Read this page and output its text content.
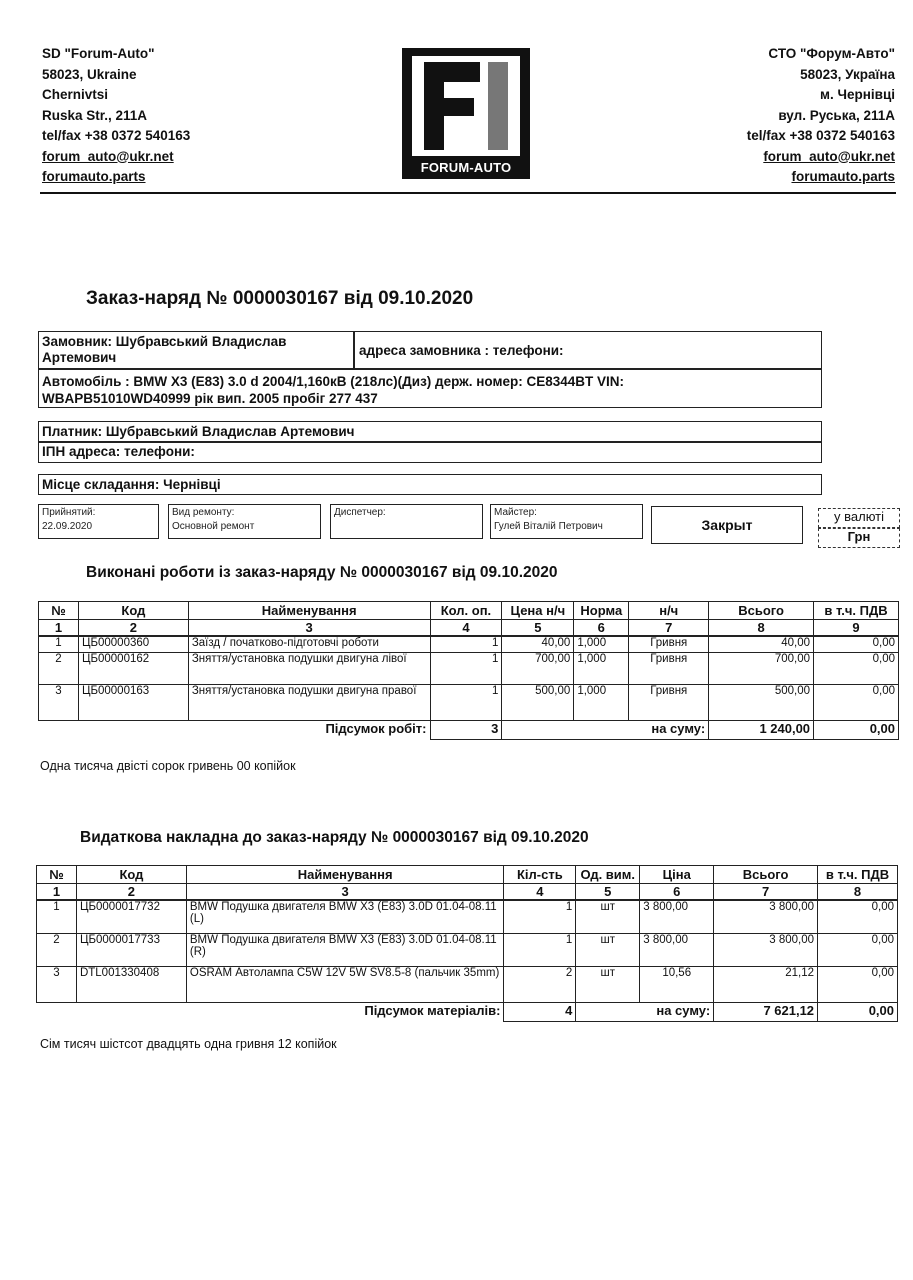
SD "Forum-Auto"
58023, Ukraine
Chernivtsi
Ruska Str., 211A
tel/fax +38 0372 540163
forum_auto@ukr.net
forumauto.parts
FORUM-AUTO
СТО "Форум-Авто"
58023, Україна
м. Чернівці
вул. Руська, 211А
tel/fax +38 0372 540163
forum_auto@ukr.net
forumauto.parts
Заказ-наряд № 0000030167 від 09.10.2020
Замовник: Шубравський Владислав Артемович	адреса замовника : телефони:
Автомобіль : BMW X3 (E83) 3.0 d 2004/1,160кВ (218лс)(Диз) держ. номер: CE8344BT VIN: WBAPB51010WD40999 рік вип. 2005 пробіг 277 437
Платник: Шубравський Владислав Артемович
ІПН адреса: телефони:
Місце складання: Чернівці
Прийнятий:
22.09.2020
Вид ремонту:
Основной ремонт
Диспетчер:	Майстер:
Гулей Віталій Петрович	Закрыт
у валюті
Грн
Виконані роботи із заказ-наряду № 0000030167 від 09.10.2020
№	Код	Найменування	Кол. оп.	Цена н/ч	Норма	н/ч	Всього	в т.ч. ПДВ
1	2	3	4	5	6	7	8	9
1	ЦБ00000360	Заїзд / початково-підготовчі роботи	1	40,00	1,000	Гривня	40,00	0,00
2	ЦБ00000162	Зняття/установка подушки двигуна лівої	1	700,00	1,000	Гривня	700,00	0,00
3	ЦБ00000163	Зняття/установка подушки двигуна правої	1	500,00	1,000	Гривня	500,00	0,00
Підсумок робіт:			3	на суму:			1 240,00	0,00
Одна тисяча двісті сорок гривень 00 копійок
Видаткова накладна до заказ-наряду № 0000030167 від 09.10.2020
№	Код	Найменування	Кіл-сть	Од. вим.	Ціна	Всього	в т.ч. ПДВ
1	2	3	4	5	6	7	8
1	ЦБ0000017732	BMW Подушка двигателя BMW X3 (E83) 3.0D 01.04-08.11 (L)	1	шт	3 800,00	3 800,00	0,00
2	ЦБ0000017733	BMW Подушка двигателя BMW X3 (E83) 3.0D 01.04-08.11 (R)	1	шт	3 800,00	3 800,00	0,00
3	DTL001330408	OSRAM Автолампа C5W 12V 5W SV8.5-8 (пальчик 35mm)	2	шт	10,56	21,12	0,00
Підсумок матеріалів:			4	на суму:		7 621,12	0,00
Сім тисяч шістсот двадцять одна гривня 12 копійок
